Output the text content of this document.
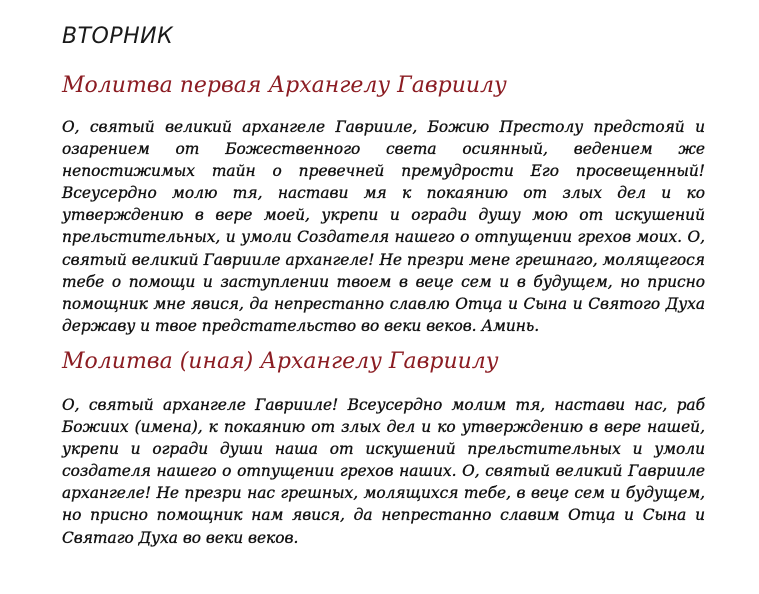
ВТОРНИК
Молитва первая Архангелу Гавриилу

О, святый великий архангеле Гаврииле, Божию Престолу предстояй и озарением от Божественного света осиянный, ведением же непостижимых тайн о превечней премудрости Его просвещенный! Всеусердно молю тя, настави мя к покаянию от злых дел и ко утверждению в вере моей, укрепи и огради душу мою от искушений прельстительных, и умоли Создателя нашего о отпущении грехов моих. О, святый великий Гаврииле архангеле! Не презри мене грешнаго, молящегося тебе о помощи и заступлении твоем в веце сем и в будущем, но присно помощник мне явися, да непрестанно славлю Отца и Сына и Святого Духа державу и твое предстательство во веки веков. Аминь.

Молитва (иная) Архангелу Гавриилу

О, святый архангеле Гавриилe! Всеусердно молим тя, настави нас, раб Божиих (имена), к покаянию от злых дел и ко утверждению в вере нашей, укрепи и огради души наша от искушений прельстительных и умоли создателя нашего о отпущении грехов наших. О, святый великий Гаврииле архангеле! Не презри нас грешных, молящихся тебе, в веце сем и будущем, но присно помощник нам явися, да непрестанно славим Отца и Сына и Святаго Духа во веки веков.
